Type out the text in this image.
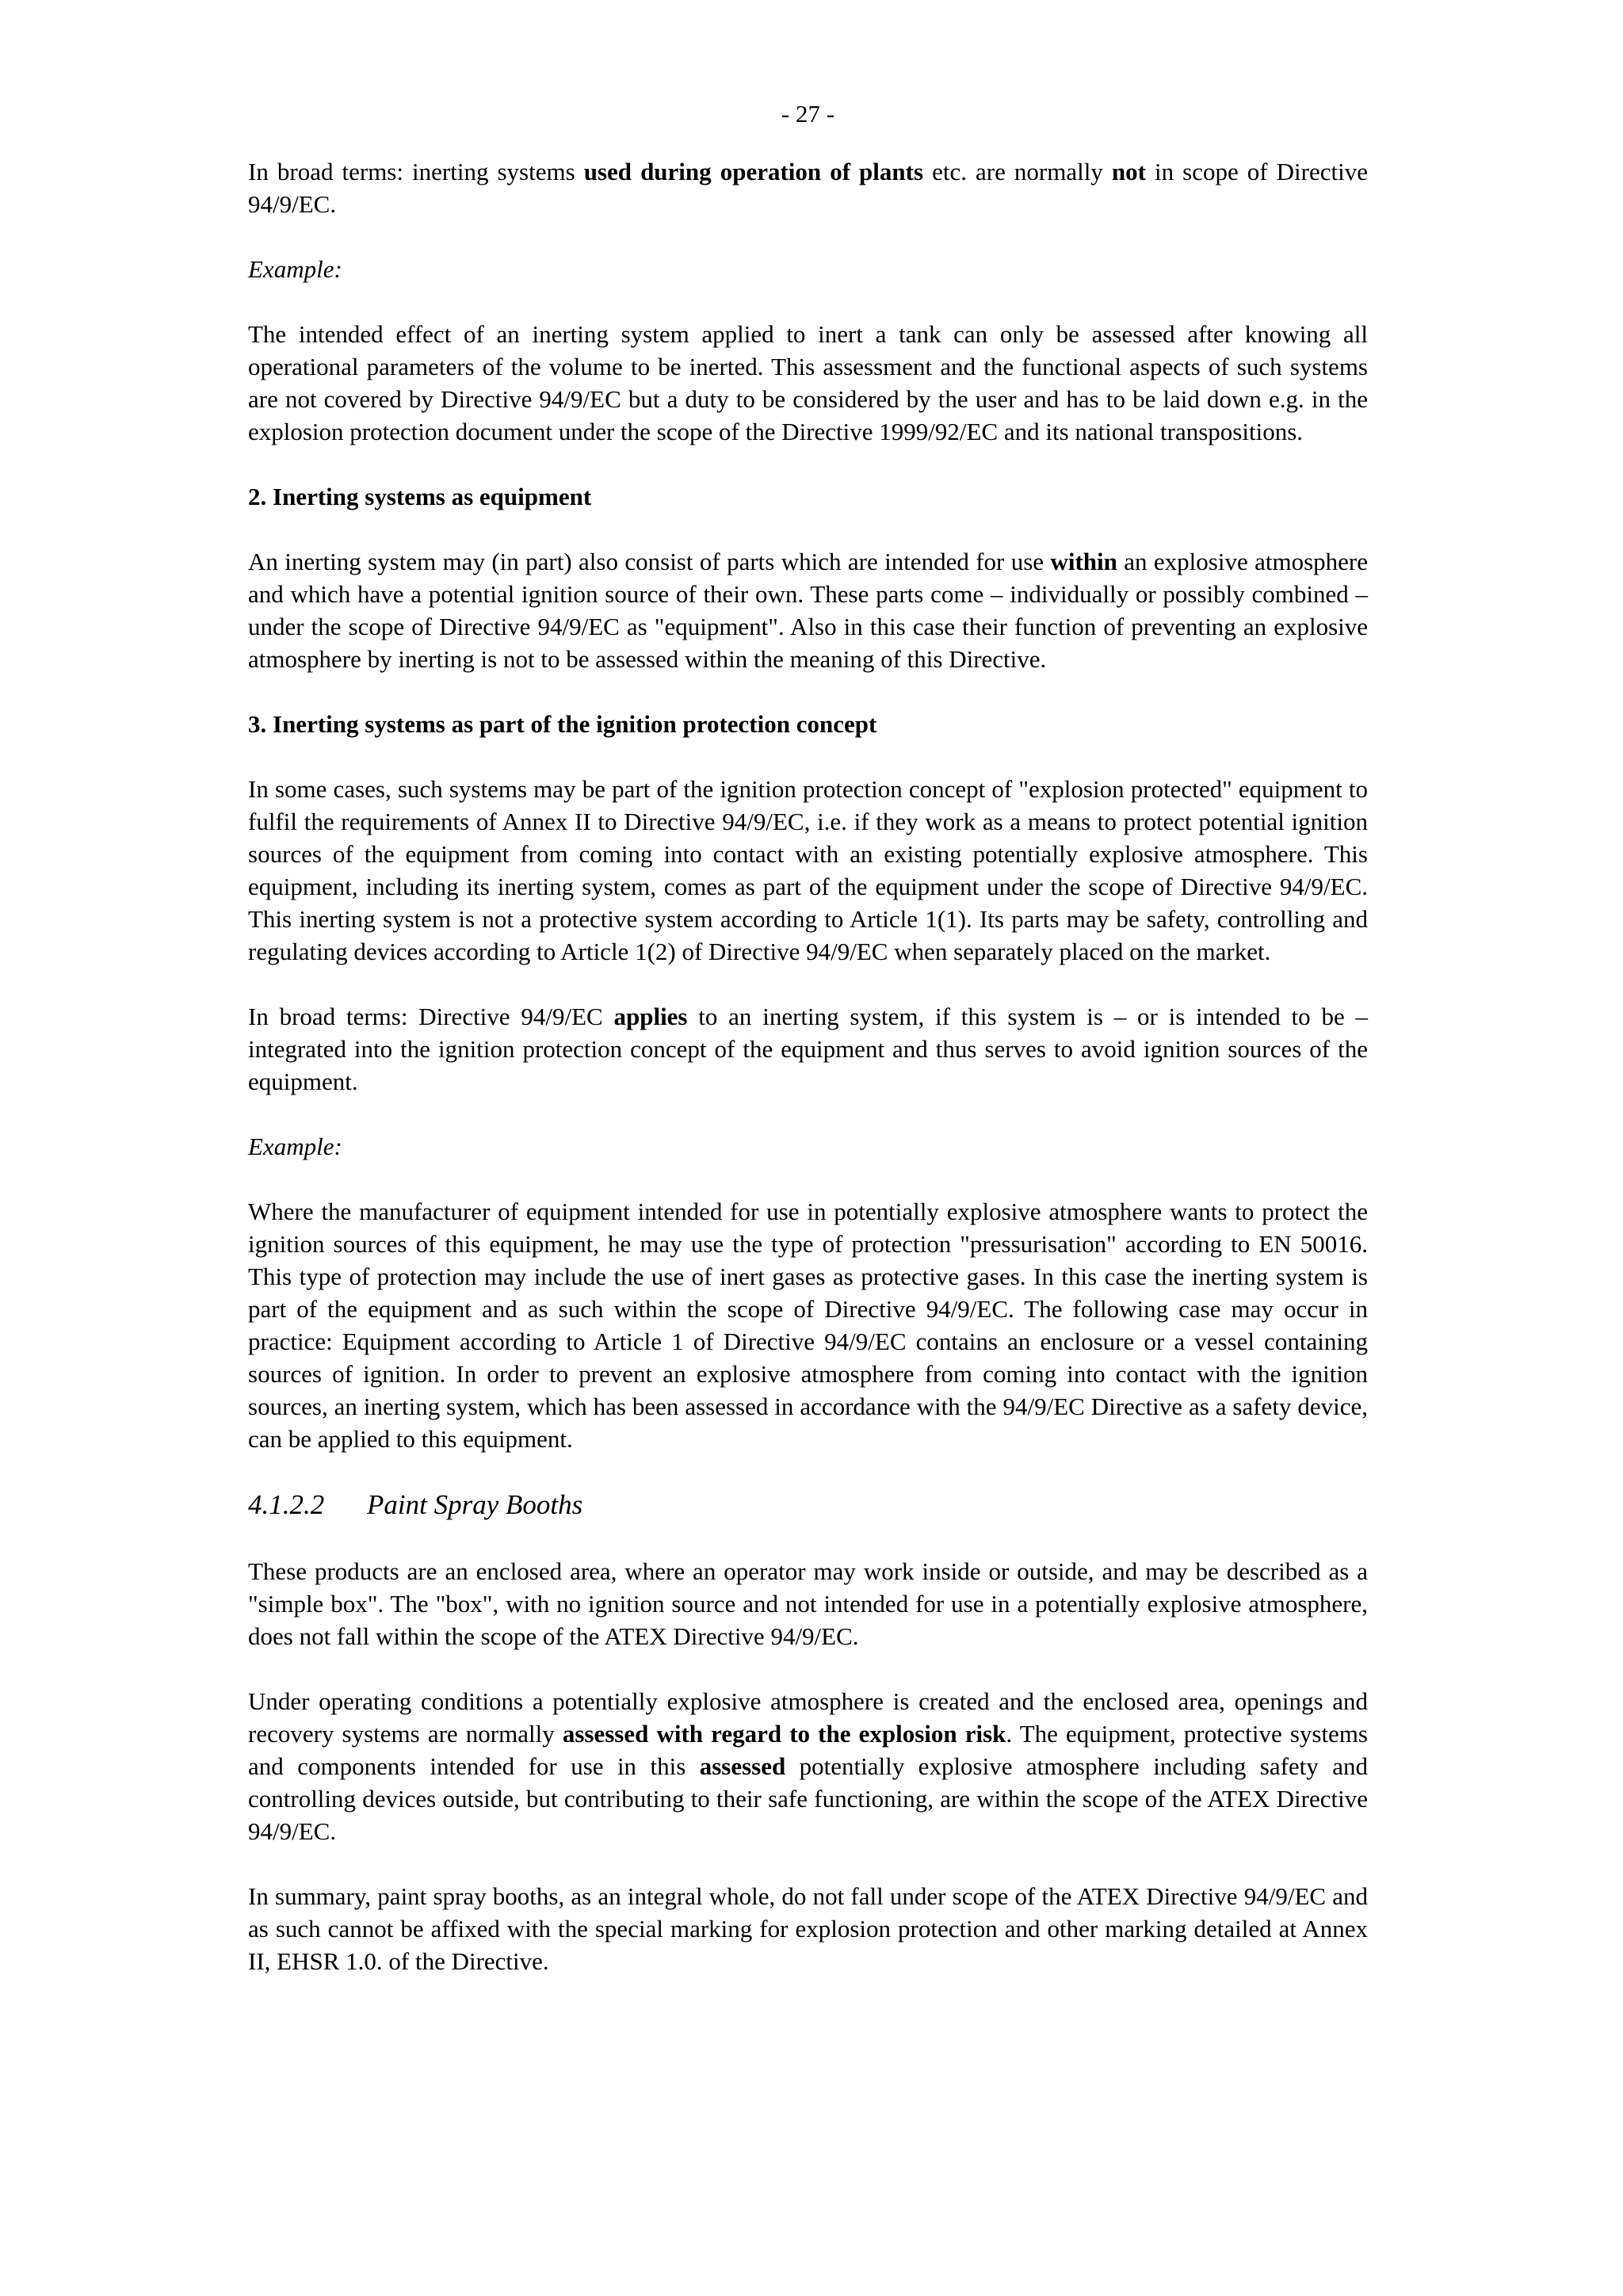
- 27 -

In broad terms: inerting systems used during operation of plants etc. are normally not in scope of Directive 94/9/EC.

Example:

The intended effect of an inerting system applied to inert a tank can only be assessed after knowing all operational parameters of the volume to be inerted. This assessment and the functional aspects of such systems are not covered by Directive 94/9/EC but a duty to be considered by the user and has to be laid down e.g. in the explosion protection document under the scope of the Directive 1999/92/EC and its national transpositions.

2. Inerting systems as equipment

An inerting system may (in part) also consist of parts which are intended for use within an explosive atmosphere and which have a potential ignition source of their own. These parts come – individually or possibly combined – under the scope of Directive 94/9/EC as "equipment". Also in this case their function of preventing an explosive atmosphere by inerting is not to be assessed within the meaning of this Directive.

3. Inerting systems as part of the ignition protection concept

In some cases, such systems may be part of the ignition protection concept of "explosion protected" equipment to fulfil the requirements of Annex II to Directive 94/9/EC, i.e. if they work as a means to protect potential ignition sources of the equipment from coming into contact with an existing potentially explosive atmosphere. This equipment, including its inerting system, comes as part of the equipment under the scope of Directive 94/9/EC. This inerting system is not a protective system according to Article 1(1). Its parts may be safety, controlling and regulating devices according to Article 1(2) of Directive 94/9/EC when separately placed on the market.

In broad terms: Directive 94/9/EC applies to an inerting system, if this system is – or is intended to be – integrated into the ignition protection concept of the equipment and thus serves to avoid ignition sources of the equipment.

Example:

Where the manufacturer of equipment intended for use in potentially explosive atmosphere wants to protect the ignition sources of this equipment, he may use the type of protection "pressurisation" according to EN 50016. This type of protection may include the use of inert gases as protective gases. In this case the inerting system is part of the equipment and as such within the scope of Directive 94/9/EC. The following case may occur in practice: Equipment according to Article 1 of Directive 94/9/EC contains an enclosure or a vessel containing sources of ignition. In order to prevent an explosive atmosphere from coming into contact with the ignition sources, an inerting system, which has been assessed in accordance with the 94/9/EC Directive as a safety device, can be applied to this equipment.

4.1.2.2	Paint Spray Booths

These products are an enclosed area, where an operator may work inside or outside, and may be described as a "simple box". The "box", with no ignition source and not intended for use in a potentially explosive atmosphere, does not fall within the scope of the ATEX Directive 94/9/EC.

Under operating conditions a potentially explosive atmosphere is created and the enclosed area, openings and recovery systems are normally assessed with regard to the explosion risk. The equipment, protective systems and components intended for use in this assessed potentially explosive atmosphere including safety and controlling devices outside, but contributing to their safe functioning, are within the scope of the ATEX Directive 94/9/EC.

In summary, paint spray booths, as an integral whole, do not fall under scope of the ATEX Directive 94/9/EC and as such cannot be affixed with the special marking for explosion protection and other marking detailed at Annex II, EHSR 1.0. of the Directive.
